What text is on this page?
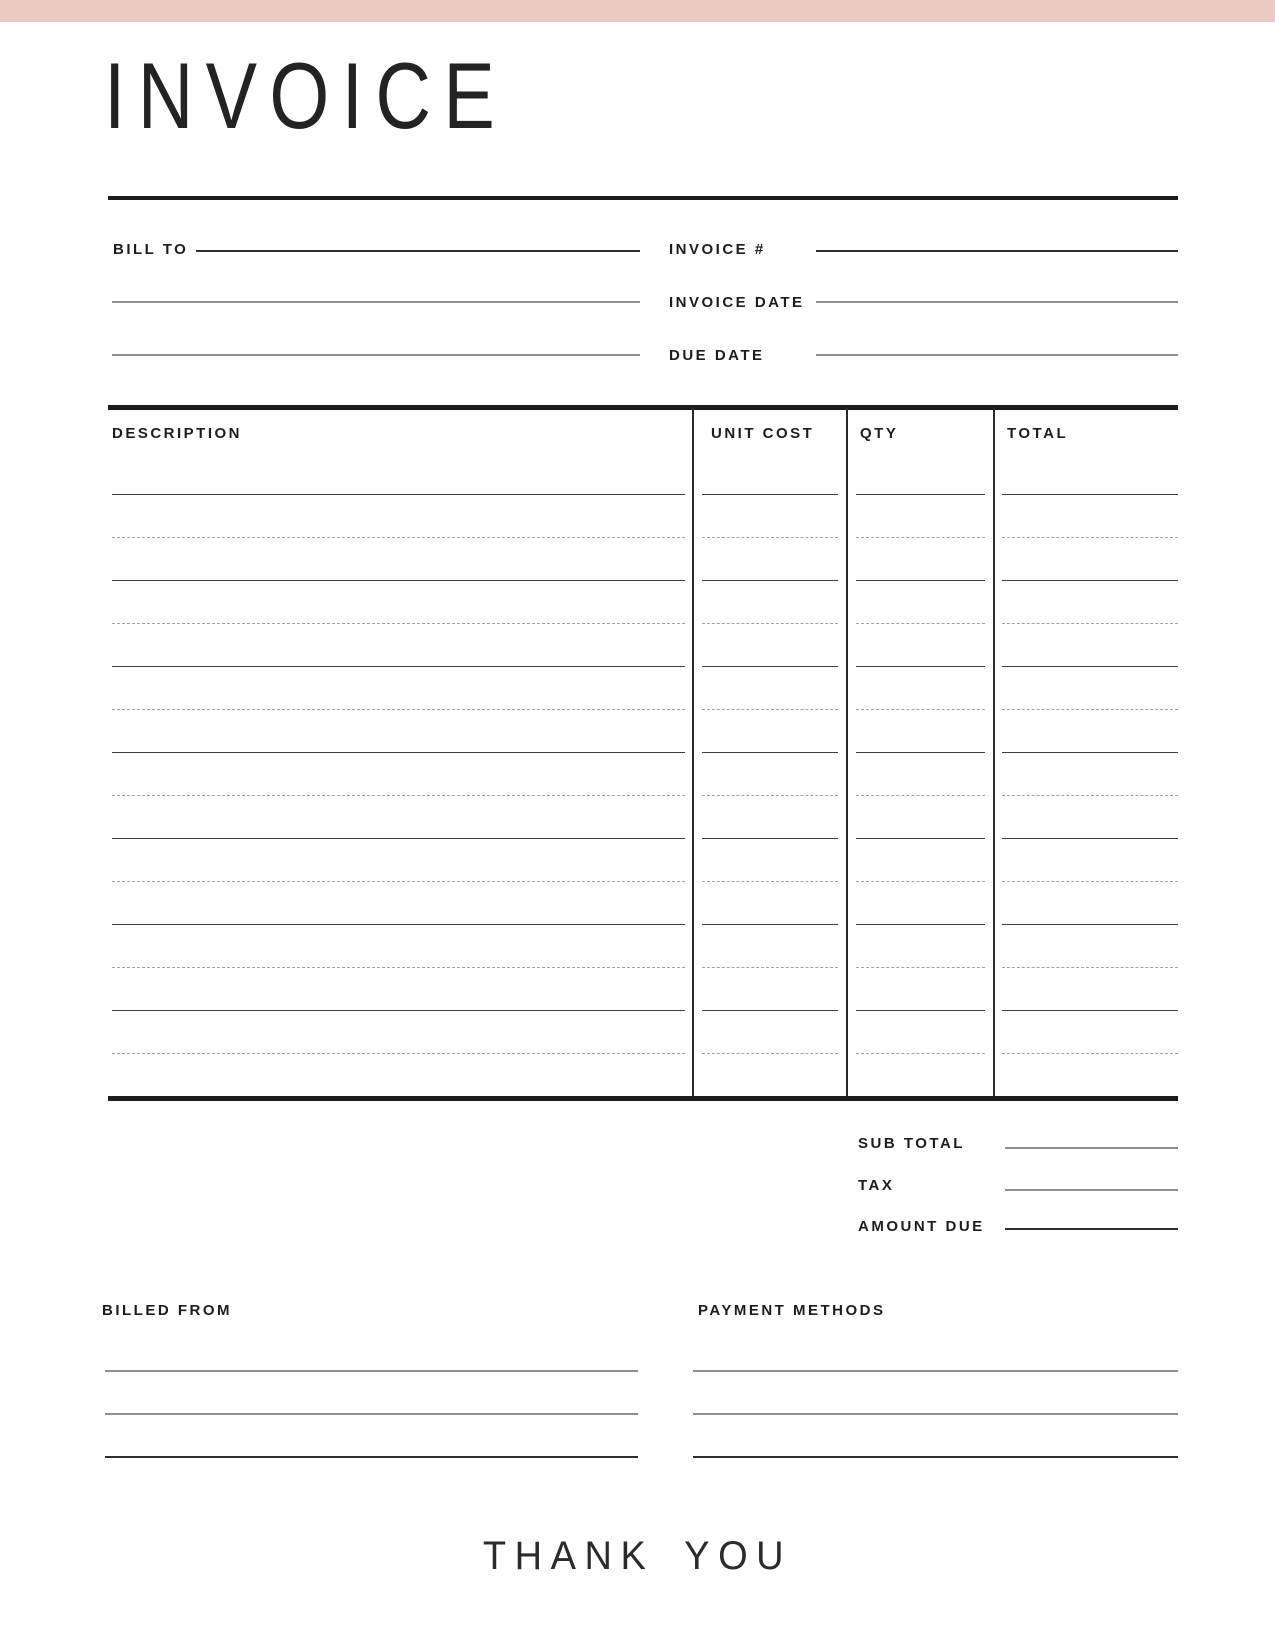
INVOICE
BILL TO	INVOICE #
INVOICE DATE
DUE DATE
DESCRIPTION	UNIT COST	QTY	TOTAL
SUB TOTAL
TAX
AMOUNT DUE
BILLED FROM	PAYMENT METHODS
THANK YOU
